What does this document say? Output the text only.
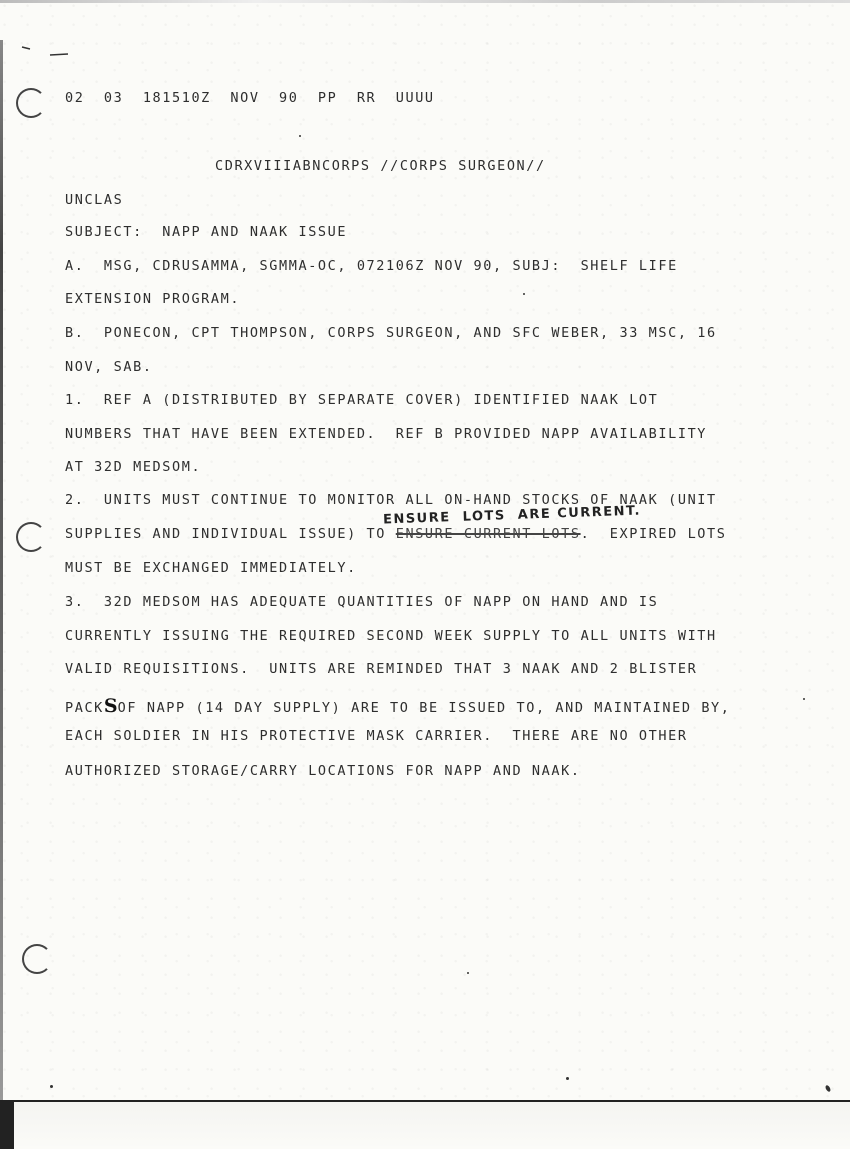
02  03  181510Z  NOV  90  PP  RR  UUUU

CDRXVIIIABNCORPS //CORPS SURGEON//

UNCLAS

SUBJECT:  NAPP AND NAAK ISSUE

A.  MSG, CDRUSAMMA, SGMMA-OC, 072106Z NOV 90, SUBJ:  SHELF LIFE

EXTENSION PROGRAM.

B.  PONECON, CPT THOMPSON, CORPS SURGEON, AND SFC WEBER, 33 MSC, 16

NOV, SAB.

1.  REF A (DISTRIBUTED BY SEPARATE COVER) IDENTIFIED NAAK LOT

NUMBERS THAT HAVE BEEN EXTENDED.  REF B PROVIDED NAPP AVAILABILITY

AT 32D MEDSOM.

2.  UNITS MUST CONTINUE TO MONITOR ALL ON-HAND STOCKS OF NAAK (UNIT

SUPPLIES AND INDIVIDUAL ISSUE) TO ENSURE CURRENT LOTS.  EXPIRED LOTS

ENSURE  LOTS  ARE CURRENT.

MUST BE EXCHANGED IMMEDIATELY.

3.  32D MEDSOM HAS ADEQUATE QUANTITIES OF NAPP ON HAND AND IS

CURRENTLY ISSUING THE REQUIRED SECOND WEEK SUPPLY TO ALL UNITS WITH

VALID REQUISITIONS.  UNITS ARE REMINDED THAT 3 NAAK AND 2 BLISTER

PACKSOF NAPP (14 DAY SUPPLY) ARE TO BE ISSUED TO, AND MAINTAINED BY,

EACH SOLDIER IN HIS PROTECTIVE MASK CARRIER.  THERE ARE NO OTHER

AUTHORIZED STORAGE/CARRY LOCATIONS FOR NAPP AND NAAK.
